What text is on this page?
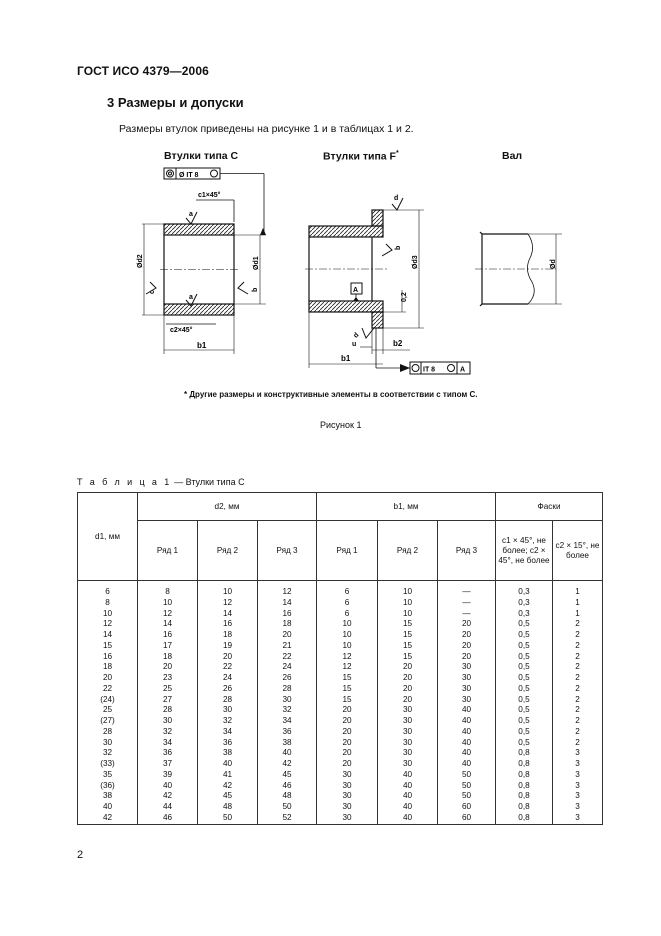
ГОСТ ИСО 4379—2006
3 Размеры и допуски
Размеры втулок приведены на рисунке 1 и в таблицах 1 и 2.
Втулки типа С	Втулки типа F*	Вал
Ø IT 8
c1×45°
a
a
c
b
Ød2	Ød1
c2×45°
b1
Ød3
d
b
0,2
A
d
u	b2
b1
IT 8	A
Ød
* Другие размеры и конструктивные элементы в соответствии с типом С.
Рисунок 1
Т а б л и ц а 1 — Втулки типа С
d1, мм	d2, мм			b1, мм			Фаски	
	Ряд 1	Ряд 2	Ряд 3	Ряд 1	Ряд 2	Ряд 3	c1 × 45°, не более; c2 × 45°, не более	c2 × 15°, не более
6	8	10	12	6	10	—	0,3	1
8	10	12	14	6	10	—	0,3	1
10	12	14	16	6	10	—	0,3	1
12	14	16	18	10	15	20	0,5	2
14	16	18	20	10	15	20	0,5	2
15	17	19	21	10	15	20	0,5	2
16	18	20	22	12	15	20	0,5	2
18	20	22	24	12	20	30	0,5	2
20	23	24	26	15	20	30	0,5	2
22	25	26	28	15	20	30	0,5	2
(24)	27	28	30	15	20	30	0,5	2
25	28	30	32	20	30	40	0,5	2
(27)	30	32	34	20	30	40	0,5	2
28	32	34	36	20	30	40	0,5	2
30	34	36	38	20	30	40	0,5	2
32	36	38	40	20	30	40	0,8	3
(33)	37	40	42	20	30	40	0,8	3
35	39	41	45	30	40	50	0,8	3
(36)	40	42	46	30	40	50	0,8	3
38	42	45	48	30	40	50	0,8	3
40	44	48	50	30	40	60	0,8	3
42	46	50	52	30	40	60	0,8	3
2
